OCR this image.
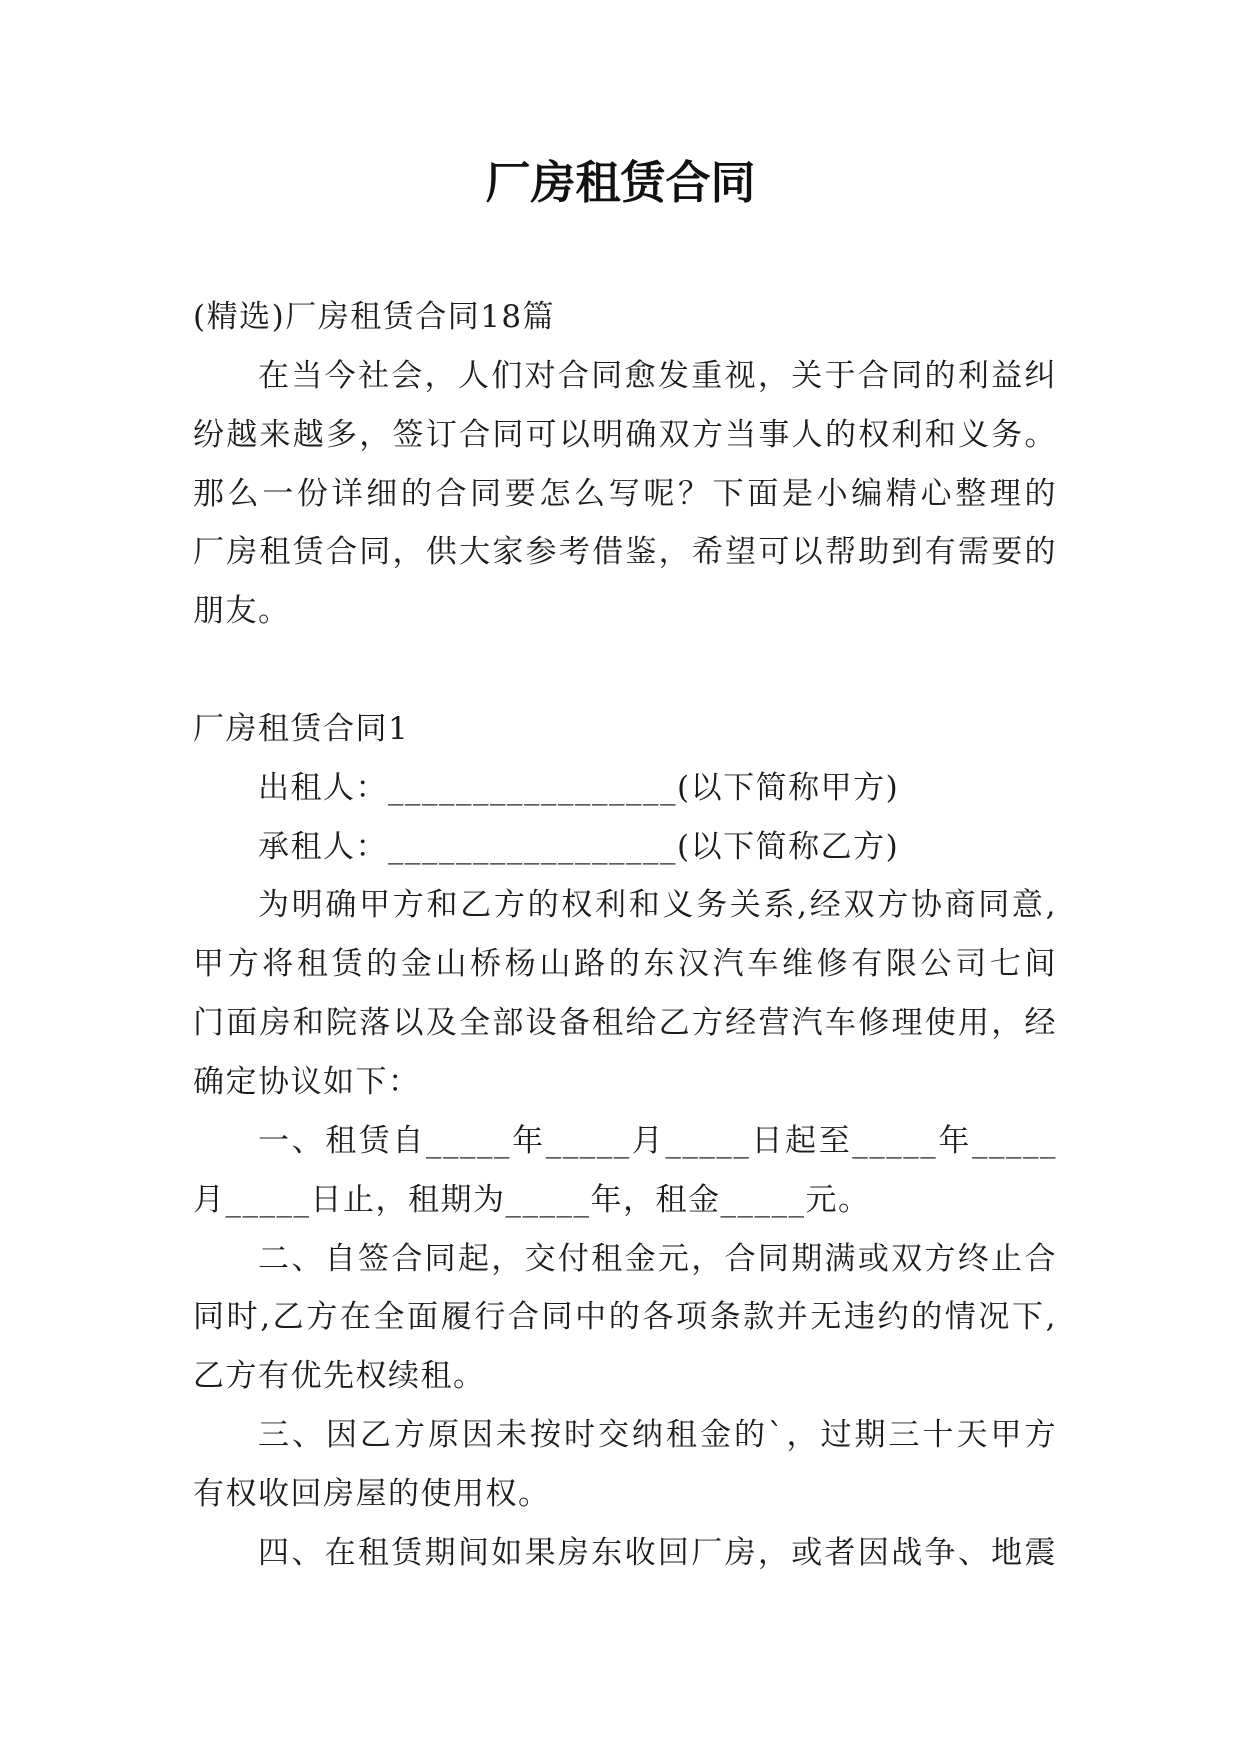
厂房租赁合同
(精选)厂房租赁合同18篇
在当今社会，人们对合同愈发重视，关于合同的利益纠
纷越来越多，签订合同可以明确双方当事人的权利和义务。
那么一份详细的合同要怎么写呢？下面是小编精心整理的
厂房租赁合同，供大家参考借鉴，希望可以帮助到有需要的
朋友。
厂房租赁合同1
出租人：_________________(以下简称甲方)
承租人：_________________(以下简称乙方)
为明确甲方和乙方的权利和义务关系,经双方协商同意,
甲方将租赁的金山桥杨山路的东汉汽车维修有限公司七间
门面房和院落以及全部设备租给乙方经营汽车修理使用，经
确定协议如下：
一、租赁自_____年_____月_____日起至_____年_____
月_____日止，租期为_____年，租金_____元。
二、自签合同起，交付租金元，合同期满或双方终止合
同时,乙方在全面履行合同中的各项条款并无违约的情况下,
乙方有优先权续租。
三、因乙方原因未按时交纳租金的`，过期三十天甲方
有权收回房屋的使用权。
四、在租赁期间如果房东收回厂房，或者因战争、地震
